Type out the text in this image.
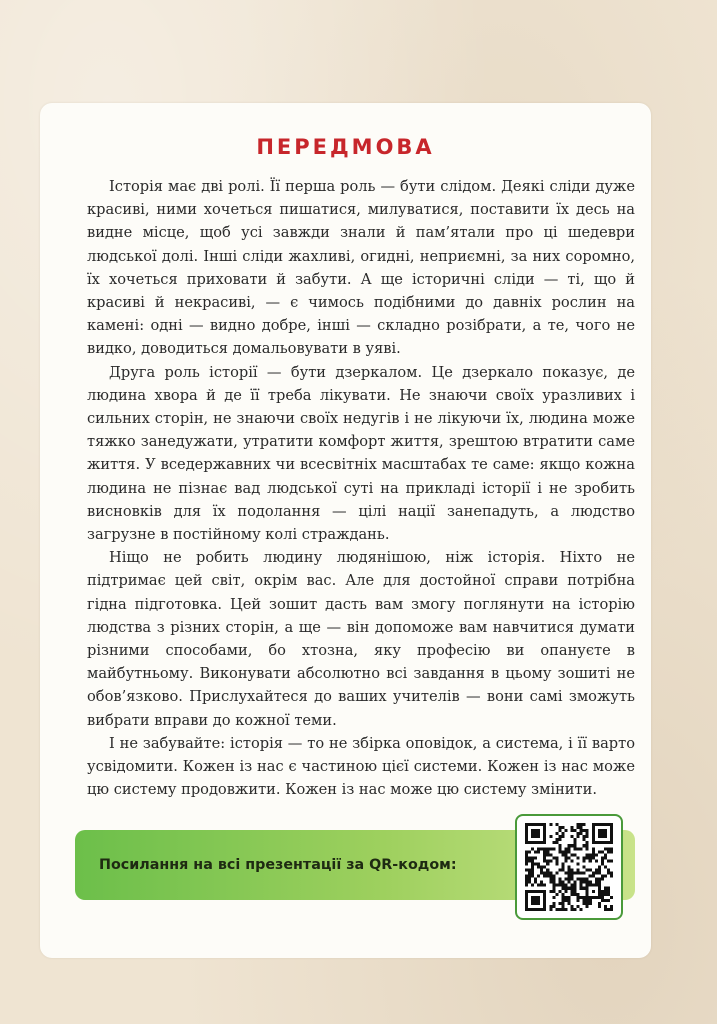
ПЕРЕДМОВА

Історія має дві ролі. Її перша роль — бути слідом. Деякі сліди дуже красиві, ними хочеться пишатися, милуватися, поставити їх десь на видне місце, щоб усі завжди знали й пам’ятали про ці шедеври людської долі. Інші сліди жахливі, огидні, неприємні, за них соромно, їх хочеться приховати й забути. А ще історичні сліди — ті, що й красиві й некрасиві, — є чимось подібними до давніх рослин на камені: одні — видно добре, інші — складно розібрати, а те, чого не видко, доводиться домальовувати в уяві.

Друга роль історії — бути дзеркалом. Це дзеркало показує, де людина хвора й де її треба лікувати. Не знаючи своїх уразливих і сильних сторін, не знаючи своїх недугів і не лікуючи їх, людина може тяжко занедужати, утратити комфорт життя, зрештою втратити саме життя. У вседержавних чи всесвітніх масштабах те саме: якщо кожна людина не пізнає вад людської суті на прикладі історії і не зробить висновків для їх подолання — цілі нації занепадуть, а людство загрузне в постійному колі страждань.

Ніщо не робить людину людянішою, ніж історія. Ніхто не підтримає цей світ, окрім вас. Але для достойної справи потрібна гідна підготовка. Цей зошит дасть вам змогу поглянути на історію людства з різних сторін, а ще — він допоможе вам навчитися думати різними способами, бо хтозна, яку професію ви опануєте в майбутньому. Виконувати абсолютно всі завдання в цьому зошиті не обов’язково. Прислухайтеся до ваших учителів — вони самі зможуть вибрати вправи до кожної теми.

І не забувайте: історія — то не збірка оповідок, а система, і її варто усвідомити. Кожен із нас є частиною цієї системи. Кожен із нас може цю систему продовжити. Кожен із нас може цю систему змінити.

Посилання на всі презентації за QR-кодом:
